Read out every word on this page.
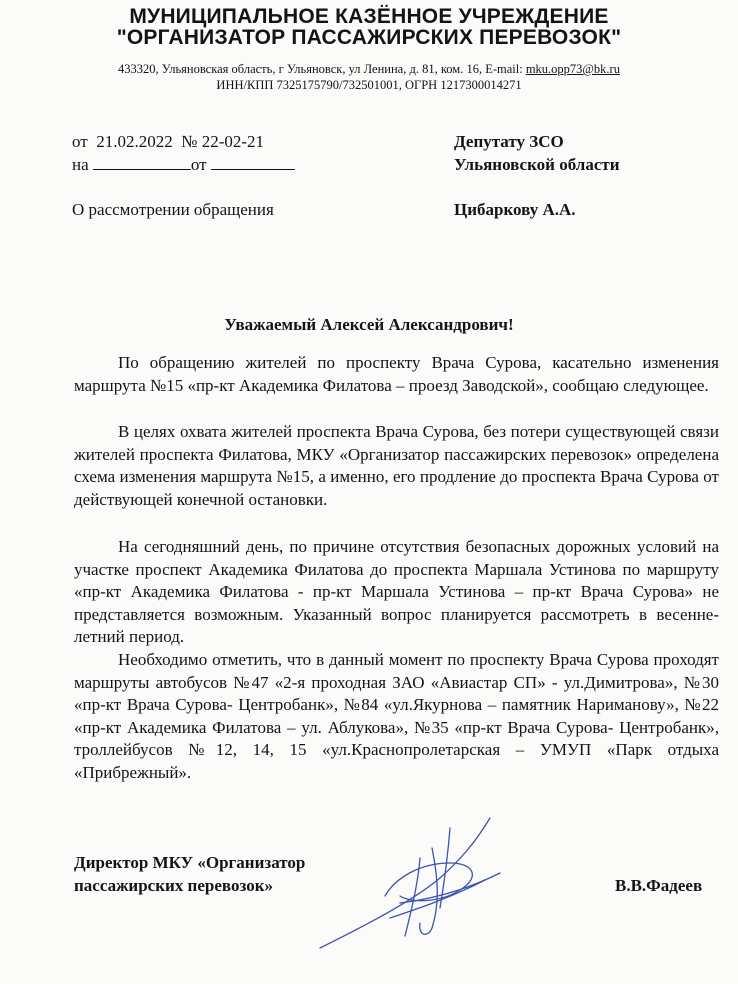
МУНИЦИПАЛЬНОЕ КАЗЁННОЕ УЧРЕЖДЕНИЕ
"ОРГАНИЗАТОР ПАССАЖИРСКИХ ПЕРЕВОЗОК"
433320, Ульяновская область, г Ульяновск, ул Ленина, д. 81, ком. 16, E-mail: mku.opp73@bk.ru
ИНН/КПП 7325175790/732501001, ОГРН 1217300014271
от 21.02.2022 № 22-02-21
на	от
О рассмотрении обращения
Депутату ЗСО
Ульяновской области
Цибаркову А.А.
Уважаемый Алексей Александрович!
По обращению жителей по проспекту Врача Сурова, касательно изменения маршрута №15 «пр-кт Академика Филатова – проезд Заводской», сообщаю следующее.
В целях охвата жителей проспекта Врача Сурова, без потери существующей связи жителей проспекта Филатова, МКУ «Организатор пассажирских перевозок» определена схема изменения маршрута №15, а именно, его продление до проспекта Врача Сурова от действующей конечной остановки.
На сегодняшний день, по причине отсутствия безопасных дорожных условий на участке проспект Академика Филатова до проспекта Маршала Устинова по маршруту «пр-кт Академика Филатова - пр-кт Маршала Устинова – пр-кт Врача Сурова» не представляется возможным. Указанный вопрос планируется рассмотреть в весенне-летний период.
Необходимо отметить, что в данный момент по проспекту Врача Сурова проходят маршруты автобусов №47 «2-я проходная ЗАО «Авиастар СП» - ул.Димитрова», №30 «пр-кт Врача Сурова- Центробанк», №84 «ул.Якурнова – памятник Нариманову», №22 «пр-кт Академика Филатова – ул. Аблукова», №35 «пр-кт Врача Сурова- Центробанк», троллейбусов №12, 14, 15 «ул.Краснопролетарская – УМУП «Парк отдыха «Прибрежный».
Директор МКУ «Организатор
пассажирских перевозок»	В.В.Фадеев
